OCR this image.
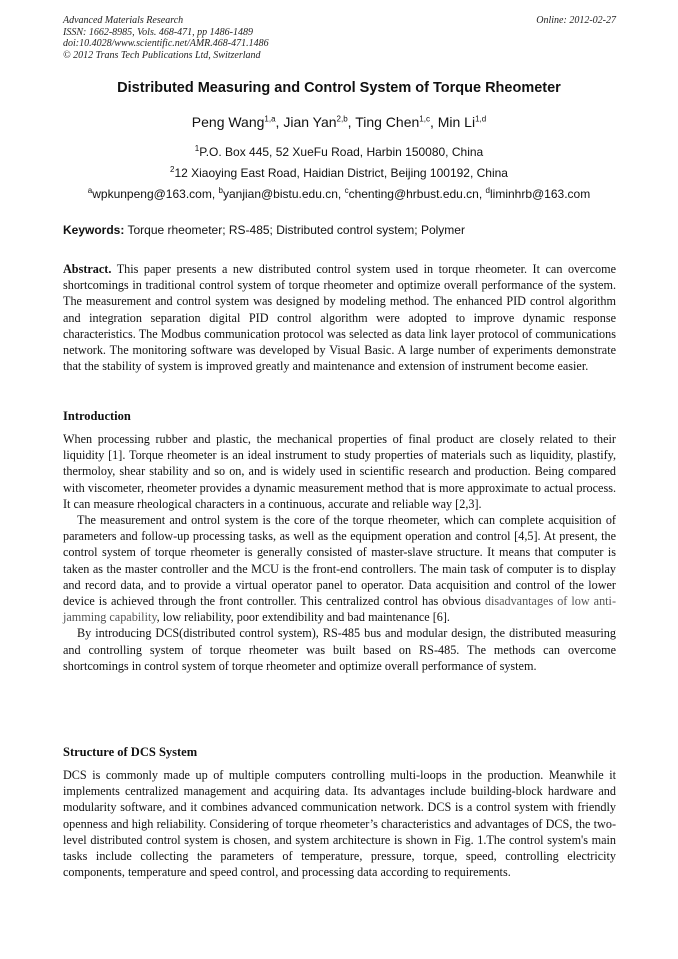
Advanced Materials Research
ISSN: 1662-8985, Vols. 468-471, pp 1486-1489
doi:10.4028/www.scientific.net/AMR.468-471.1486
© 2012 Trans Tech Publications Ltd, Switzerland
Online: 2012-02-27
Distributed Measuring and Control System of Torque Rheometer
Peng Wang$^{1,a}$, Jian Yan$^{2,b}$, Ting Chen$^{1,c}$, Min Li$^{1,d}$
$^1$P.O. Box 445, 52 XueFu Road, Harbin 150080, China
$^2$12 Xiaoying East Road, Haidian District, Beijing 100192, China
$^a$wpkunpeng@163.com, $^b$yanjian@bistu.edu.cn, $^c$chenting@hrbust.edu.cn, $^d$liminhrb@163.com
Keywords: Torque rheometer; RS-485; Distributed control system; Polymer

Abstract. This paper presents a new distributed control system used in torque rheometer. It can overcome shortcomings in traditional control system of torque rheometer and optimize overall performance of the system. The measurement and control system was designed by modeling method. The enhanced PID control algorithm and integration separation digital PID control algorithm were adopted to improve dynamic response characteristics. The Modbus communication protocol was selected as data link layer protocol of communications network. The monitoring software was developed by Visual Basic. A large number of experiments demonstrate that the stability of system is improved greatly and maintenance and extension of instrument become easier.

Introduction

When processing rubber and plastic, the mechanical properties of final product are closely related to their liquidity [1]. Torque rheometer is an ideal instrument to study properties of materials such as liquidity, plastify, thermoloy, shear stability and so on, and is widely used in scientific research and production. Being compared with viscometer, rheometer provides a dynamic measurement method that is more approximate to actual process. It can measure rheological characters in a continuous, accurate and reliable way [2,3].

The measurement and ontrol system is the core of the torque rheometer, which can complete acquisition of parameters and follow-up processing tasks, as well as the equipment operation and control [4,5]. At present, the control system of torque rheometer is generally consisted of master-slave structure. It means that computer is taken as the master controller and the MCU is the front-end controllers. The main task of computer is to display and record data, and to provide a virtual operator panel to operator. Data acquisition and control of the lower device is achieved through the front controller. This centralized control has obvious disadvantages of low anti-jamming capability, low reliability, poor extendibility and bad maintenance [6].

By introducing DCS(distributed control system), RS-485 bus and modular design, the distributed measuring and controlling system of torque rheometer was built based on RS-485. The methods can overcome shortcomings in control system of torque rheometer and optimize overall performance of system.

Structure of DCS System

DCS is commonly made up of multiple computers controlling multi-loops in the production. Meanwhile it implements centralized management and acquiring data. Its advantages include building-block hardware and modularity software, and it combines advanced communication network. DCS is a control system with friendly openness and high reliability. Considering of torque rheometer’s characteristics and advantages of DCS, the two-level distributed control system is chosen, and system architecture is shown in Fig. 1.The control system's main tasks include collecting the parameters of temperature, pressure, torque, speed, controlling electricity components, temperature and speed control, and processing data according to requirements.
